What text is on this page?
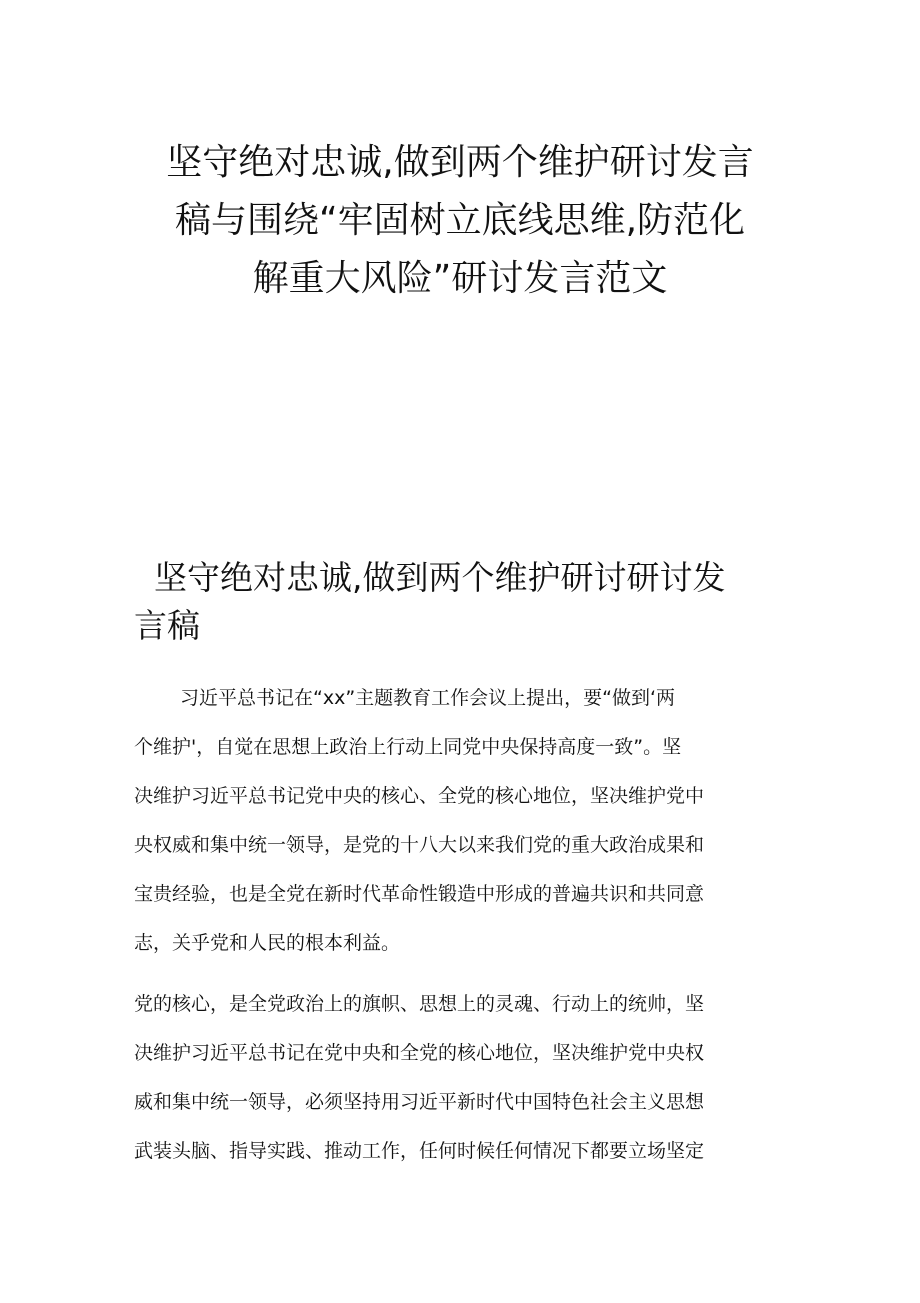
坚守绝对忠诚,做到两个维护研讨发言
稿与围绕“牢固树立底线思维,防范化
解重大风险”研讨发言范文
坚守绝对忠诚,做到两个维护研讨研讨发
言稿

习近平总书记在“xx”主题教育工作会议上提出，要“做到‘两
个维护'，自觉在思想上政治上行动上同党中央保持高度一致”。坚
决维护习近平总书记党中央的核心、全党的核心地位，坚决维护党中
央权威和集中统一领导，是党的十八大以来我们党的重大政治成果和
宝贵经验，也是全党在新时代革命性锻造中形成的普遍共识和共同意
志，关乎党和人民的根本利益。

党的核心，是全党政治上的旗帜、思想上的灵魂、行动上的统帅，坚
决维护习近平总书记在党中央和全党的核心地位，坚决维护党中央权
威和集中统一领导，必须坚持用习近平新时代中国特色社会主义思想
武装头脑、指导实践、推动工作，任何时候任何情况下都要立场坚定
